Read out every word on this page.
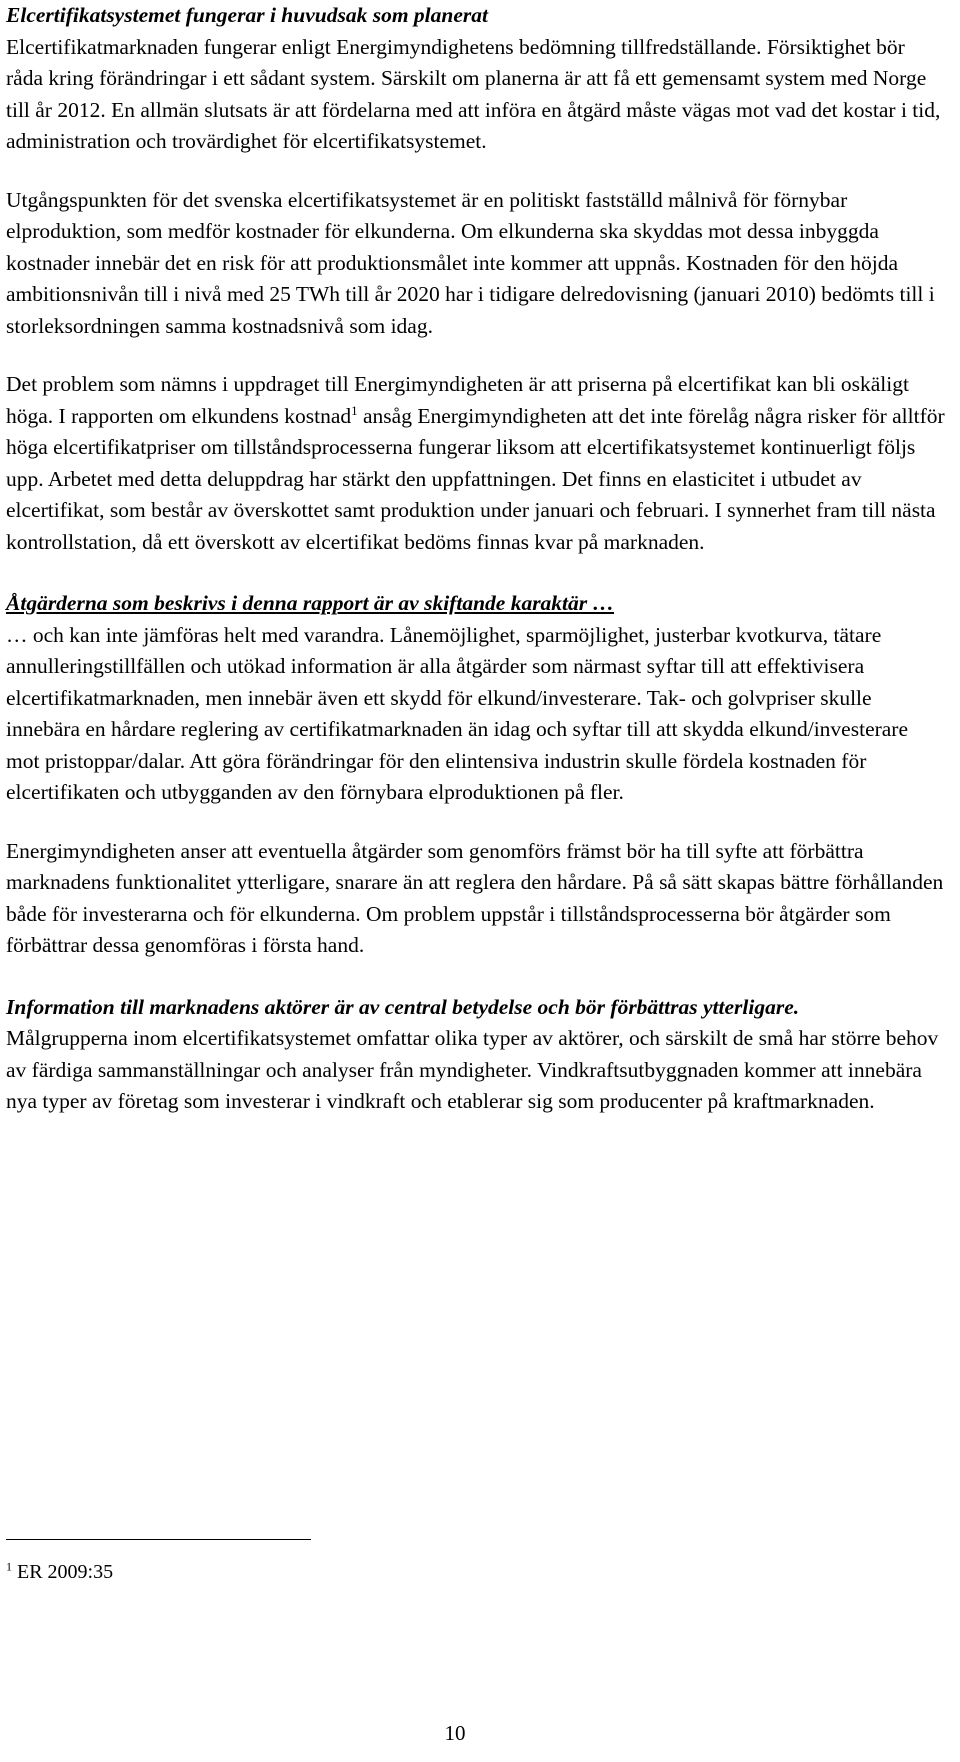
Elcertifikatsystemet fungerar i huvudsak som planerat

Elcertifikatmarknaden fungerar enligt Energimyndighetens bedömning tillfredställande. Försiktighet bör råda kring förändringar i ett sådant system. Särskilt om planerna är att få ett gemensamt system med Norge till år 2012. En allmän slutsats är att fördelarna med att införa en åtgärd måste vägas mot vad det kostar i tid, administration och trovärdighet för elcertifikatsystemet.

Utgångspunkten för det svenska elcertifikatsystemet är en politiskt fastställd målnivå för förnybar elproduktion, som medför kostnader för elkunderna. Om elkunderna ska skyddas mot dessa inbyggda kostnader innebär det en risk för att produktionsmålet inte kommer att uppnås. Kostnaden för den höjda ambitionsnivån till i nivå med 25 TWh till år 2020 har i tidigare delredovisning (januari 2010) bedömts till i storleksordningen samma kostnadsnivå som idag.

Det problem som nämns i uppdraget till Energimyndigheten är att priserna på elcertifikat kan bli oskäligt höga. I rapporten om elkundens kostnad$^1$ ansåg Energimyndigheten att det inte förelåg några risker för alltför höga elcertifikatpriser om tillståndsprocesserna fungerar liksom att elcertifikatsystemet kontinuerligt följs upp. Arbetet med detta deluppdrag har stärkt den uppfattningen. Det finns en elasticitet i utbudet av elcertifikat, som består av överskottet samt produktion under januari och februari. I synnerhet fram till nästa kontrollstation, då ett överskott av elcertifikat bedöms finnas kvar på marknaden.

Åtgärderna som beskrivs i denna rapport är av skiftande karaktär …

… och kan inte jämföras helt med varandra. Lånemöjlighet, sparmöjlighet, justerbar kvotkurva, tätare annulleringstillfällen och utökad information är alla åtgärder som närmast syftar till att effektivisera elcertifikatmarknaden, men innebär även ett skydd för elkund/investerare. Tak- och golvpriser skulle innebära en hårdare reglering av certifikatmarknaden än idag och syftar till att skydda elkund/investerare mot pristoppar/dalar. Att göra förändringar för den elintensiva industrin skulle fördela kostnaden för elcertifikaten och utbygganden av den förnybara elproduktionen på fler.

Energimyndigheten anser att eventuella åtgärder som genomförs främst bör ha till syfte att förbättra marknadens funktionalitet ytterligare, snarare än att reglera den hårdare. På så sätt skapas bättre förhållanden både för investerarna och för elkunderna. Om problem uppstår i tillståndsprocesserna bör åtgärder som förbättrar dessa genomföras i första hand.

Information till marknadens aktörer är av central betydelse och bör förbättras ytterligare.

Målgrupperna inom elcertifikatsystemet omfattar olika typer av aktörer, och särskilt de små har större behov av färdiga sammanställningar och analyser från myndigheter. Vindkraftsutbyggnaden kommer att innebära nya typer av företag som investerar i vindkraft och etablerar sig som producenter på kraftmarknaden.

$^1$ ER 2009:35
10
